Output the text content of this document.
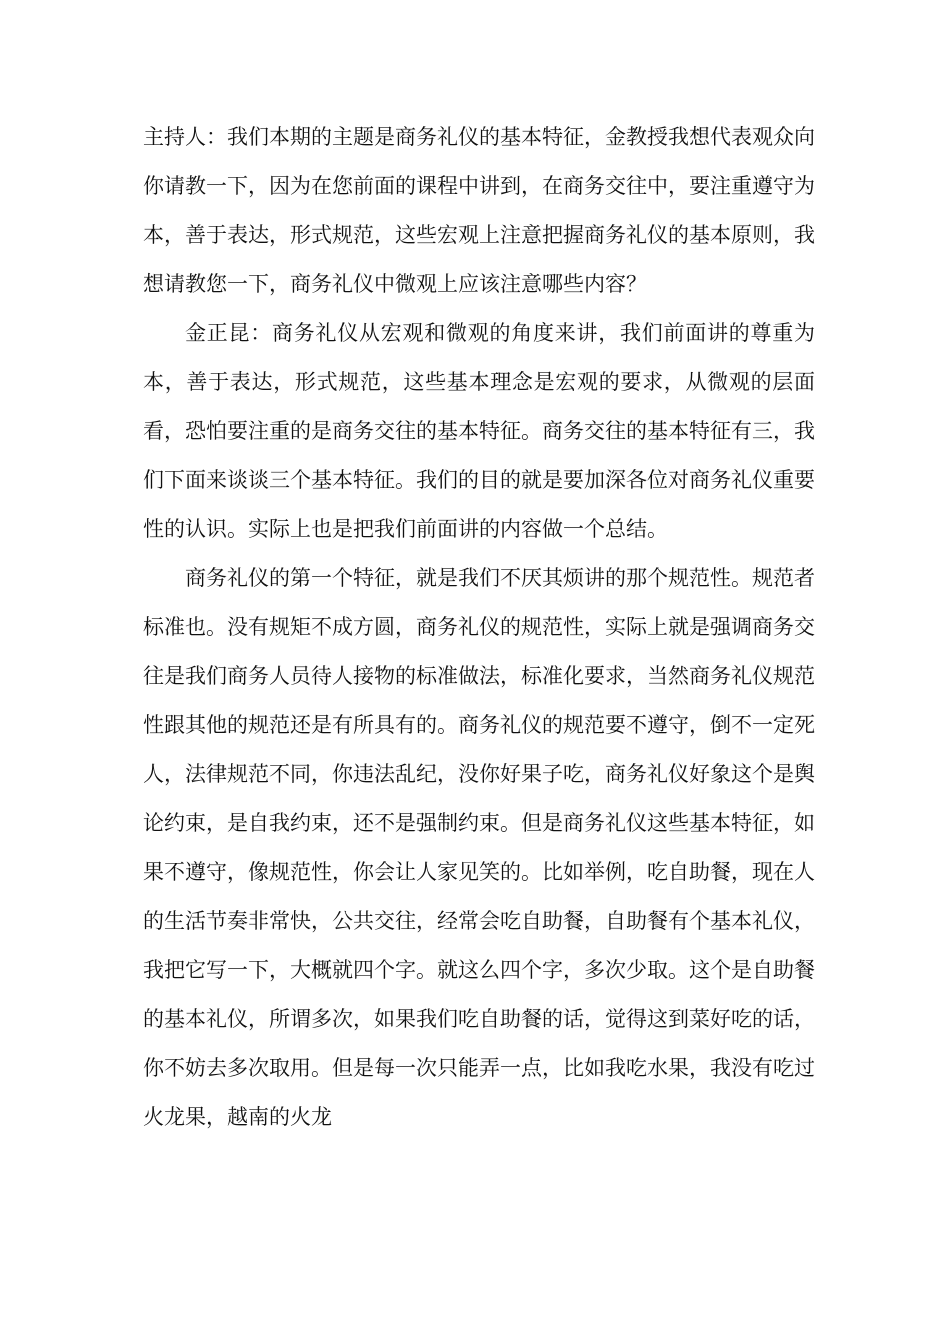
主持人：我们本期的主题是商务礼仪的基本特征，金教授我想代表观众向你请教一下，因为在您前面的课程中讲到，在商务交往中，要注重遵守为本，善于表达，形式规范，这些宏观上注意把握商务礼仪的基本原则，我想请教您一下，商务礼仪中微观上应该注意哪些内容？

金正昆：商务礼仪从宏观和微观的角度来讲，我们前面讲的尊重为本，善于表达，形式规范，这些基本理念是宏观的要求，从微观的层面看，恐怕要注重的是商务交往的基本特征。商务交往的基本特征有三，我们下面来谈谈三个基本特征。我们的目的就是要加深各位对商务礼仪重要性的认识。实际上也是把我们前面讲的内容做一个总结。

商务礼仪的第一个特征，就是我们不厌其烦讲的那个规范性。规范者标准也。没有规矩不成方圆，商务礼仪的规范性，实际上就是强调商务交往是我们商务人员待人接物的标准做法，标准化要求，当然商务礼仪规范性跟其他的规范还是有所具有的。商务礼仪的规范要不遵守，倒不一定死人，法律规范不同，你违法乱纪，没你好果子吃，商务礼仪好象这个是舆论约束，是自我约束，还不是强制约束。但是商务礼仪这些基本特征，如果不遵守，像规范性，你会让人家见笑的。比如举例，吃自助餐，现在人的生活节奏非常快，公共交往，经常会吃自助餐，自助餐有个基本礼仪，我把它写一下，大概就四个字。就这么四个字，多次少取。这个是自助餐的基本礼仪，所谓多次，如果我们吃自助餐的话，觉得这到菜好吃的话，你不妨去多次取用。但是每一次只能弄一点，比如我吃水果，我没有吃过火龙果，越南的火龙
